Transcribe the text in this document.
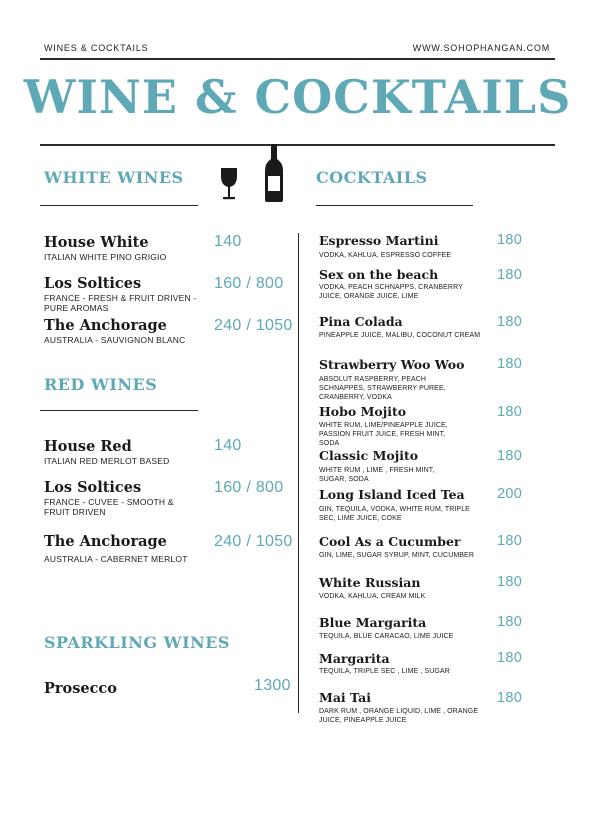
WINES & COCKTAILS	WWW.SOHOPHANGAN.COM
WINE & COCKTAILS
WHITE WINES
House White
ITALIAN WHITE PINO GRIGIO
140
Los Soltices
FRANCE - FRESH & FRUIT DRIVEN - PURE AROMAS
160 / 800
The Anchorage
AUSTRALIA - SAUVIGNON BLANC
240 / 1050
RED WINES
House Red
ITALIAN RED MERLOT BASED
140
Los Soltices
FRANCE - CUVEE - SMOOTH & FRUIT DRIVEN
160 / 800
The Anchorage
AUSTRALIA - CABERNET MERLOT
240 / 1050
SPARKLING WINES
Prosecco	1300
COCKTAILS
Espresso Martini
VODKA, KAHLUA, ESPRESSO COFFEE
180
Sex on the beach
VODKA, PEACH SCHNAPPS, CRANBERRY JUICE, ORANGE JUICE, LIME
180
Pina Colada
PINEAPPLE JUICE, MALIBU, COCONUT CREAM
180
Strawberry Woo Woo
ABSOLUT RASPBERRY, PEACH SCHNAPPES, STRAWBERRY PUREE, CRANBERRY, VODKA
180
Hobo Mojito
WHITE RUM, LIME/PINEAPPLE JUICE, PASSION FRUIT JUICE, FRESH MINT, SODA
180
Classic Mojito
WHITE RUM , LIME , FRESH MINT, SUGAR, SODA
180
Long Island Iced Tea
GIN, TEQUILA, VODKA, WHITE RUM, TRIPLE SEC, LIME JUICE, COKE
200
Cool As a Cucumber
GIN, LIME, SUGAR SYRUP, MINT, CUCUMBER
180
White Russian
VODKA, KAHLUA, CREAM MILK
180
Blue Margarita
TEQUILA, BLUE CARACAO, LIME JUICE
180
Margarita
TEQUILA, TRIPLE SEC , LIME , SUGAR
180
Mai Tai
DARK RUM , ORANGE LIQUID, LIME , ORANGE JUICE, PINEAPPLE JUICE
180
